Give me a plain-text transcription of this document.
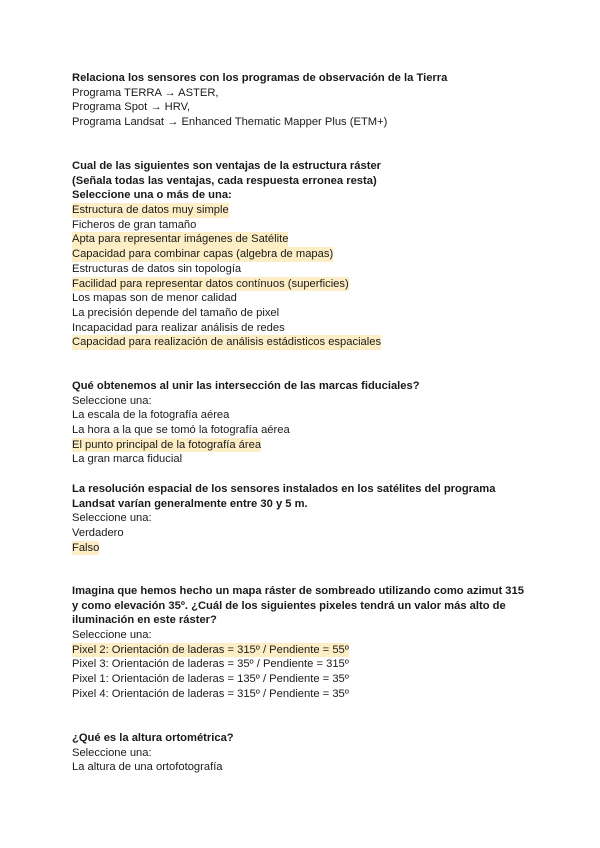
Relaciona los sensores con los programas de observación de la Tierra
Programa TERRA → ASTER,
Programa Spot → HRV,
Programa Landsat → Enhanced Thematic Mapper Plus (ETM+)
Cual de las siguientes son ventajas de la estructura ráster
(Señala todas las ventajas, cada respuesta erronea resta)
Seleccione una o más de una:
Estructura de datos muy simple
Ficheros de gran tamaño
Apta para representar imágenes de Satélite
Capacidad para combinar capas (algebra de mapas)
Estructuras de datos sin topología
Facilidad para representar datos contínuos (superficies)
Los mapas son de menor calidad
La precisión depende del tamaño de pixel
Incapacidad para realizar análisis de redes
Capacidad para realización de análisis estádisticos espaciales
Qué obtenemos al unir las intersección de las marcas fiduciales?
Seleccione una:
La escala de la fotografía aérea
La hora a la que se tomó la fotografía aérea
El punto principal de la fotografía área
La gran marca fiducial
La resolución espacial de los sensores instalados en los satélites del programa
Landsat varían generalmente entre 30 y 5 m.
Seleccione una:
Verdadero
Falso
Imagina que hemos hecho un mapa ráster de sombreado utilizando como azimut 315
y como elevación 35º. ¿Cuál de los siguientes pixeles tendrá un valor más alto de
iluminación en este ráster?
Seleccione una:
Pixel 2: Orientación de laderas = 315º / Pendiente = 55º
Pixel 3: Orientación de laderas = 35º / Pendiente = 315º
Pixel 1: Orientación de laderas = 135º / Pendiente = 35º
Pixel 4: Orientación de laderas = 315º / Pendiente = 35º
¿Qué es la altura ortométrica?
Seleccione una:
La altura de una ortofotografía
